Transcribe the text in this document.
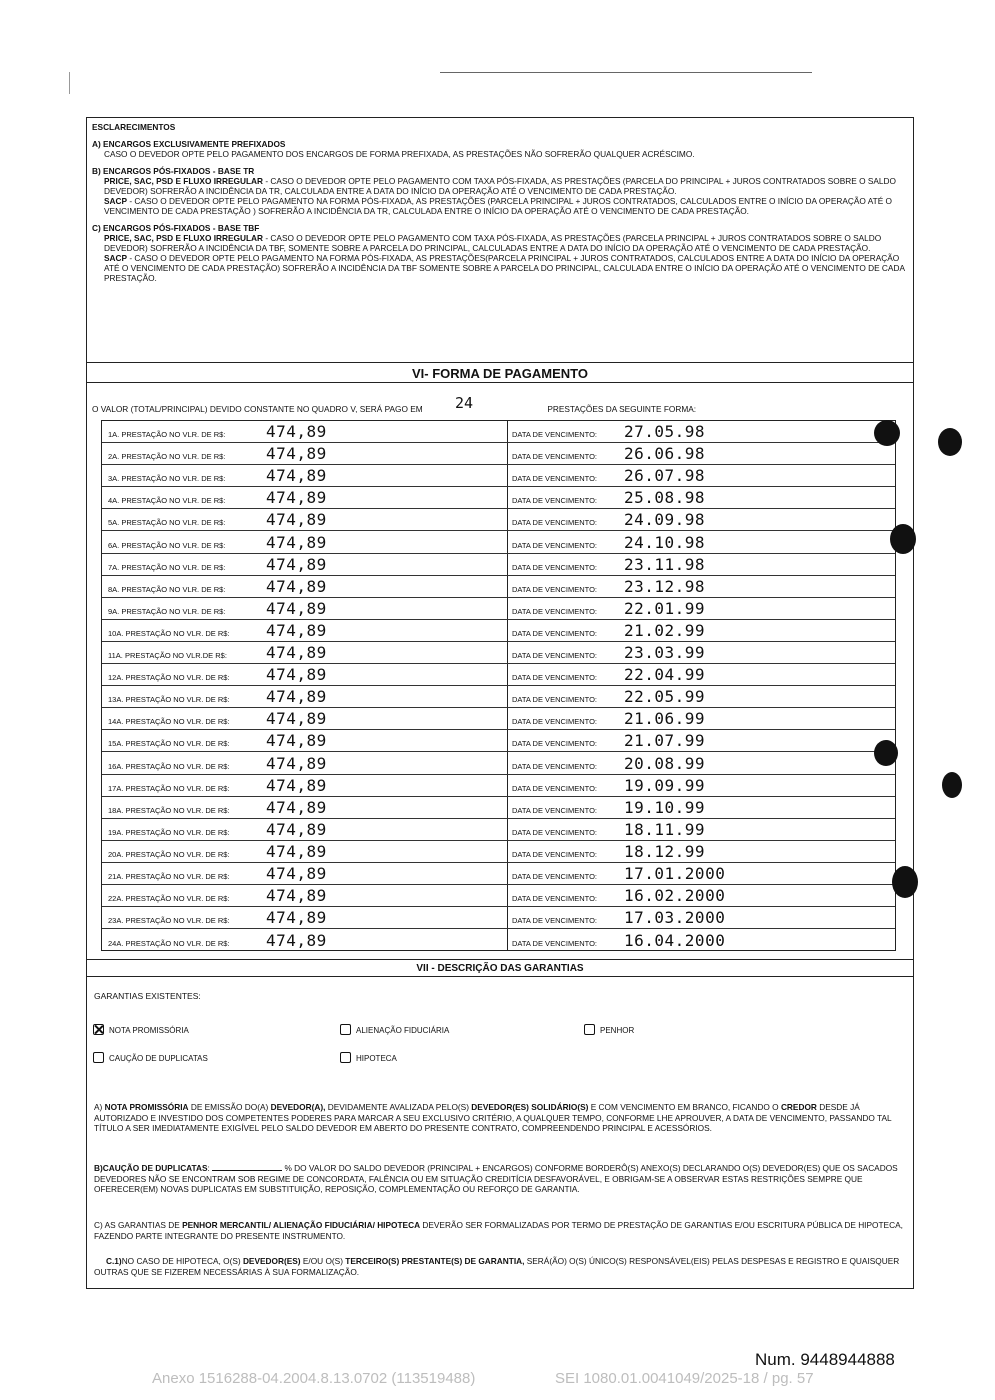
ESCLARECIMENTOS

A) ENCARGOS EXCLUSIVAMENTE PREFIXADOS

CASO O DEVEDOR OPTE PELO PAGAMENTO DOS ENCARGOS DE FORMA PREFIXADA, AS PRESTAÇÕES NÃO SOFRERÃO QUALQUER ACRÉSCIMO.

B) ENCARGOS PÓS-FIXADOS - BASE TR

PRICE, SAC, PSD E FLUXO IRREGULAR - CASO O DEVEDOR OPTE PELO PAGAMENTO COM TAXA PÓS-FIXADA, AS PRESTAÇÕES (PARCELA DO PRINCIPAL + JUROS CONTRATADOS SOBRE O SALDO DEVEDOR) SOFRERÃO A INCIDÊNCIA DA TR, CALCULADA ENTRE A DATA DO INÍCIO DA OPERAÇÃO ATÉ O VENCIMENTO DE CADA PRESTAÇÃO.

SACP - CASO O DEVEDOR OPTE PELO PAGAMENTO NA FORMA PÓS-FIXADA, AS PRESTAÇÕES (PARCELA PRINCIPAL + JUROS CONTRATADOS, CALCULADOS ENTRE O INÍCIO DA OPERAÇÃO ATÉ O VENCIMENTO DE CADA PRESTAÇÃO ) SOFRERÃO A INCIDÊNCIA DA TR, CALCULADA ENTRE O INÍCIO DA OPERAÇÃO ATÉ O VENCIMENTO DE CADA PRESTAÇÃO.

C) ENCARGOS PÓS-FIXADOS - BASE TBF

PRICE, SAC, PSD E FLUXO IRREGULAR - CASO O DEVEDOR OPTE PELO PAGAMENTO COM TAXA PÓS-FIXADA, AS PRESTAÇÕES (PARCELA PRINCIPAL + JUROS CONTRATADOS SOBRE O SALDO DEVEDOR) SOFRERÃO A INCIDÊNCIA DA TBF, SOMENTE SOBRE A PARCELA DO PRINCIPAL, CALCULADAS ENTRE A DATA DO INÍCIO DA OPERAÇÃO ATÉ O VENCIMENTO DE CADA PRESTAÇÃO.

SACP - CASO O DEVEDOR OPTE PELO PAGAMENTO NA FORMA PÓS-FIXADA, AS PRESTAÇÕES(PARCELA PRINCIPAL + JUROS CONTRATADOS, CALCULADOS ENTRE A DATA DO INÍCIO DA OPERAÇÃO ATÉ O VENCIMENTO DE CADA PRESTAÇÃO) SOFRERÃO A INCIDÊNCIA DA TBF SOMENTE SOBRE A PARCELA DO PRINCIPAL, CALCULADA ENTRE O INÍCIO DA OPERAÇÃO ATÉ O VENCIMENTO DE CADA PRESTAÇÃO.

VI- FORMA DE PAGAMENTO
O VALOR (TOTAL/PRINCIPAL) DEVIDO CONSTANTE NO QUADRO V, SERÁ PAGO EM 24	PRESTAÇÕES DA SEGUINTE FORMA:
1A. PRESTAÇÃO NO VLR. DE R$:	474,89	DATA DE VENCIMENTO: 27.05.98
2A. PRESTAÇÃO NO VLR. DE R$:	474,89	DATA DE VENCIMENTO: 26.06.98
3A. PRESTAÇÃO NO VLR. DE R$:	474,89	DATA DE VENCIMENTO: 26.07.98
4A. PRESTAÇÃO NO VLR. DE R$:	474,89	DATA DE VENCIMENTO: 25.08.98
5A. PRESTAÇÃO NO VLR. DE R$:	474,89	DATA DE VENCIMENTO: 24.09.98
6A. PRESTAÇÃO NO VLR. DE R$:	474,89	DATA DE VENCIMENTO: 24.10.98
7A. PRESTAÇÃO NO VLR. DE R$:	474,89	DATA DE VENCIMENTO: 23.11.98
8A. PRESTAÇÃO NO VLR. DE R$:	474,89	DATA DE VENCIMENTO: 23.12.98
9A. PRESTAÇÃO NO VLR. DE R$:	474,89	DATA DE VENCIMENTO: 22.01.99
10A. PRESTAÇÃO NO VLR. DE R$: 474,89	DATA DE VENCIMENTO: 21.02.99
11A. PRESTAÇÃO NO VLR.DE R$: 474,89	DATA DE VENCIMENTO: 23.03.99
12A. PRESTAÇÃO NO VLR. DE R$: 474,89	DATA DE VENCIMENTO: 22.04.99
13A. PRESTAÇÃO NO VLR. DE R$: 474,89	DATA DE VENCIMENTO: 22.05.99
14A. PRESTAÇÃO NO VLR. DE R$: 474,89	DATA DE VENCIMENTO: 21.06.99
15A. PRESTAÇÃO NO VLR. DE R$: 474,89	DATA DE VENCIMENTO: 21.07.99
16A. PRESTAÇÃO NO VLR. DE R$: 474,89	DATA DE VENCIMENTO: 20.08.99
17A. PRESTAÇÃO NO VLR. DE R$: 474,89	DATA DE VENCIMENTO: 19.09.99
18A. PRESTAÇÃO NO VLR. DE R$: 474,89	DATA DE VENCIMENTO: 19.10.99
19A. PRESTAÇÃO NO VLR. DE R$: 474,89	DATA DE VENCIMENTO: 18.11.99
20A. PRESTAÇÃO NO VLR. DE R$: 474,89	DATA DE VENCIMENTO: 18.12.99
21A. PRESTAÇÃO NO VLR. DE R$: 474,89	DATA DE VENCIMENTO: 17.01.2000
22A. PRESTAÇÃO NO VLR. DE R$: 474,89	DATA DE VENCIMENTO: 16.02.2000
23A. PRESTAÇÃO NO VLR. DE R$: 474,89	DATA DE VENCIMENTO: 17.03.2000
24A. PRESTAÇÃO NO VLR. DE R$: 474,89	DATA DE VENCIMENTO: 16.04.2000
VII - DESCRIÇÃO DAS GARANTIAS
GARANTIAS EXISTENTES:
NOTA PROMISSÓRIA	ALIENAÇÃO FIDUCIÁRIA	PENHOR
CAUÇÃO DE DUPLICATAS	HIPOTECA

A) NOTA PROMISSÓRIA DE EMISSÃO DO(A) DEVEDOR(A), DEVIDAMENTE AVALIZADA PELO(S) DEVEDOR(ES) SOLIDÁRIO(S) E COM VENCIMENTO EM BRANCO, FICANDO O CREDOR DESDE JÁ AUTORIZADO E INVESTIDO DOS COMPETENTES PODERES PARA MARCAR A SEU EXCLUSIVO CRITÉRIO, A QUALQUER TEMPO, CONFORME LHE APROUVER, A DATA DE VENCIMENTO, PASSANDO TAL TÍTULO A SER IMEDIATAMENTE EXIGÍVEL PELO SALDO DEVEDOR EM ABERTO DO PRESENTE CONTRATO, COMPREENDENDO PRINCIPAL E ACESSÓRIOS.

B)CAUÇÃO DE DUPLICATAS:	% DO VALOR DO SALDO DEVEDOR (PRINCIPAL + ENCARGOS) CONFORME BORDERÔ(S) ANEXO(S) DECLARANDO O(S) DEVEDOR(ES) QUE OS SACADOS DEVEDORES NÃO SE ENCONTRAM SOB REGIME DE CONCORDATA, FALÊNCIA OU EM SITUAÇÃO CREDITÍCIA DESFAVORÁVEL, E OBRIGAM-SE A OBSERVAR ESTAS RESTRIÇÕES SEMPRE QUE OFERECER(EM) NOVAS DUPLICATAS EM SUBSTITUIÇÃO, REPOSIÇÃO, COMPLEMENTAÇÃO OU REFORÇO DE GARANTIA.

C) AS GARANTIAS DE PENHOR MERCANTIL/ ALIENAÇÃO FIDUCIÁRIA/ HIPOTECA DEVERÃO SER FORMALIZADAS POR TERMO DE PRESTAÇÃO DE GARANTIAS E/OU ESCRITURA PÚBLICA DE HIPOTECA, FAZENDO PARTE INTEGRANTE DO PRESENTE INSTRUMENTO.

C.1)NO CASO DE HIPOTECA, O(S) DEVEDOR(ES) E/OU O(S) TERCEIRO(S) PRESTANTE(S) DE GARANTIA, SERÁ(ÃO) O(S) ÚNICO(S) RESPONSÁVEL(EIS) PELAS DESPESAS E REGISTRO E QUAISQUER OUTRAS QUE SE FIZEREM NECESSÁRIAS À SUA FORMALIZAÇÃO.

Num. 9448944888
Anexo 1516288-04.2004.8.13.0702 (113519488)	SEI 1080.01.0041049/2025-18 / pg. 57
